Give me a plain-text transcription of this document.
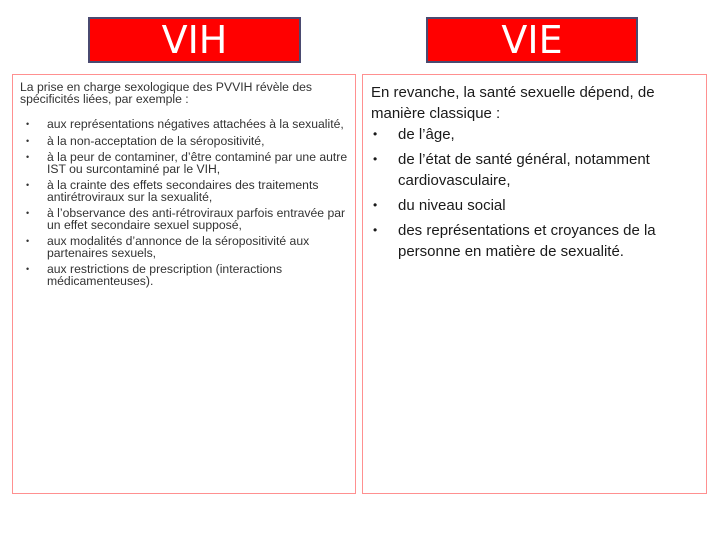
VIH	VIE

La prise en charge sexologique des PVVIH révèle des spécificités liées, par exemple :

• aux représentations négatives attachées à la sexualité,
• à la non-acceptation de la séropositivité,
• à la peur de contaminer, d’être contaminé par une autre IST ou surcontaminé par le VIH,
• à la crainte des effets secondaires des traitements antirétroviraux sur la sexualité,
• à l’observance des anti-rétroviraux parfois entravée par un effet secondaire sexuel supposé,
• aux modalités d’annonce de la séropositivité aux partenaires sexuels,
• aux restrictions de prescription (interactions médicamenteuses).

En revanche, la santé sexuelle dépend, de manière classique :

• de l’âge,
• de l’état de santé général, notamment cardiovasculaire,
• du niveau social
• des représentations et croyances de la personne en matière de sexualité.
